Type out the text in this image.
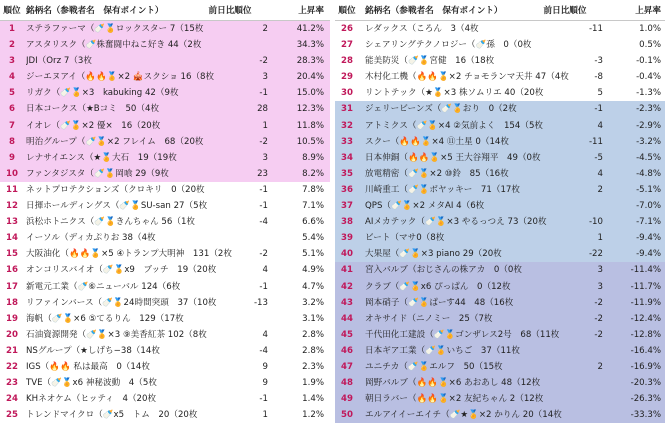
順位 銘柄名（参戦者名　保有ポイント）	前日比順位	上昇率
1	ステラファーマ（🍼🏅ロックスター 7（15枚	2	41.2%
2	アスタリスク（🍼株奮闘中ねこ好き 44（2枚	34.3%
3	JDI（Orz 7（3枚	-2	28.3%
4	ジーエヌアイ（🔥🔥🏅×2 🎪スクショ 16（8枚	3	20.4%
5	リガク（🍼🏅×3　kabuking 42（9枚	-1	15.0%
6	日本コークス（★Bコミ　50（4枚	28	12.3%
7	イオレ（🍼🏅×2 優×　16（20枚	1	11.8%
8	明治グループ（🍼🏅×2 フレイム　68（20枚	-2	10.5%
9	レナサイエンス（★🏅大石　19（19枚	3	8.9%
10 ファンタジスタ（🍼🏅岡喰 29（9枚	23	8.2%
11 ネットプロテクションズ（クロキリ　0（20枚	-1	7.8%
12 日揮ホールディングス（🍼🏅SU-san 27（5枚	-1	7.1%
13 浜松ホトニクス（🍼🏅きんちゃん 56（1枚	-4	6.6%
14 イーソル（ディカぷりお 38（4枚	5.4%
15 大阪油化（🔥🔥🏅×5 ④トランプ大明神　131（2枚	-2	5.1%
16 オンコリスバイオ（🍼🏅x9　ブッチ　19（20枚	4	4.9%
17 新電元工業（🍼⑥ニューバル 124（6枚	-1	4.7%
18 リファインバース（🍼🏅24時間突頭　37（10枚	-13	3.2%
19 海帆（🍼🏅×6 ⑤てるりん　129（17枚	3.1%
20 石油資源開発（🍼🏅×3 ⑨美香紅茶 102（8枚	4	2.8%
21 NSグループ（★しげち−38（14枚	-4	2.8%
22 IGS（🔥🔥 私は最高　0（14枚	9	2.3%
23 TVE（🍼🏅x6 神秘波動　4（5枚	9	1.9%
24 KHネオケム（ヒッティ　4（20枚	-1	1.4%
25 トレンドマイクロ（🍼x5　トム　20（20枚	1	1.2%
順位	銘柄名（参戦者名　保有ポイント）	前日比順位	上昇率
26	レダックス（ころん　3（4枚	-11	1.0%
27	シェアリングテクノロジー（🍼孫　0（0枚	0.5%
28	能美防災（🍼🏅宮健　16（18枚	-3	-0.1%
29	木村化工機（🔥🔥🏅×2 チョモランマ天井 47（4枚	-8	-0.4%
30	リントテック（★🏅×3 株ソムリエ 40（20枚	5	-1.3%
31	ジェリービーンズ（🍼🏅おり　0（2枚	-1	-2.3%
32	アトミクス（🍼🏅×4 ②気前よく　154（5枚	4	-2.9%
33	スクー（🔥🔥🏅×4 ⑪土星 0（14枚	-11	-3.2%
34	日本伸銅（🔥🔥🏅×5 王大谷翔平　49（0枚	-5	-4.5%
35	放電精密（🍼🏅×2 ⑩鈴　85（16枚	4	-4.8%
36	川崎重工（🍼🏅ボヤッキー　71（17枚	2	-5.1%
37	QPS（🍼🏅×2 メタAI 4（6枚	-7.0%
38	AIメカテック（🍼🏅×3 やるっつえ 73（20枚	-10	-7.1%
39	ビート（マサ0（8枚	1	-9.4%
40	大果屋（🍼🏅×3 piano 29（20枚	-22	-9.4%
41	宮入バルブ（おじさんの株アカ　0（0枚	3	-11.4%
42	クラブ（🍼🏅x6 ぴっぱん　0（12枚	3	-11.7%
43	岡本硝子（🍼🏅ぱーす44　48（16枚	-2	-11.9%
44	オキサイド（ニノミー　25（7枚	-2	-12.4%
45	千代田化工建設（🍼🏅ゴンザレス2号　68（11枚	-2	-12.8%
46	日本ギア工業（🍼🏅いちご　37（11枚	-16.4%
47	ユニチカ（🍼🏅エルフ　50（15枚	2	-16.9%
48	岡野バルブ（🔥🔥🏅×6 あおあし 48（12枚	-20.3%
49	朝日ラバー（🔥🔥🏅×2 友紀ちゃん 2（12枚	-26.3%
50	エルアイイーエイチ（🍼★🏅×2 かりん 20（14枚	-33.3%
